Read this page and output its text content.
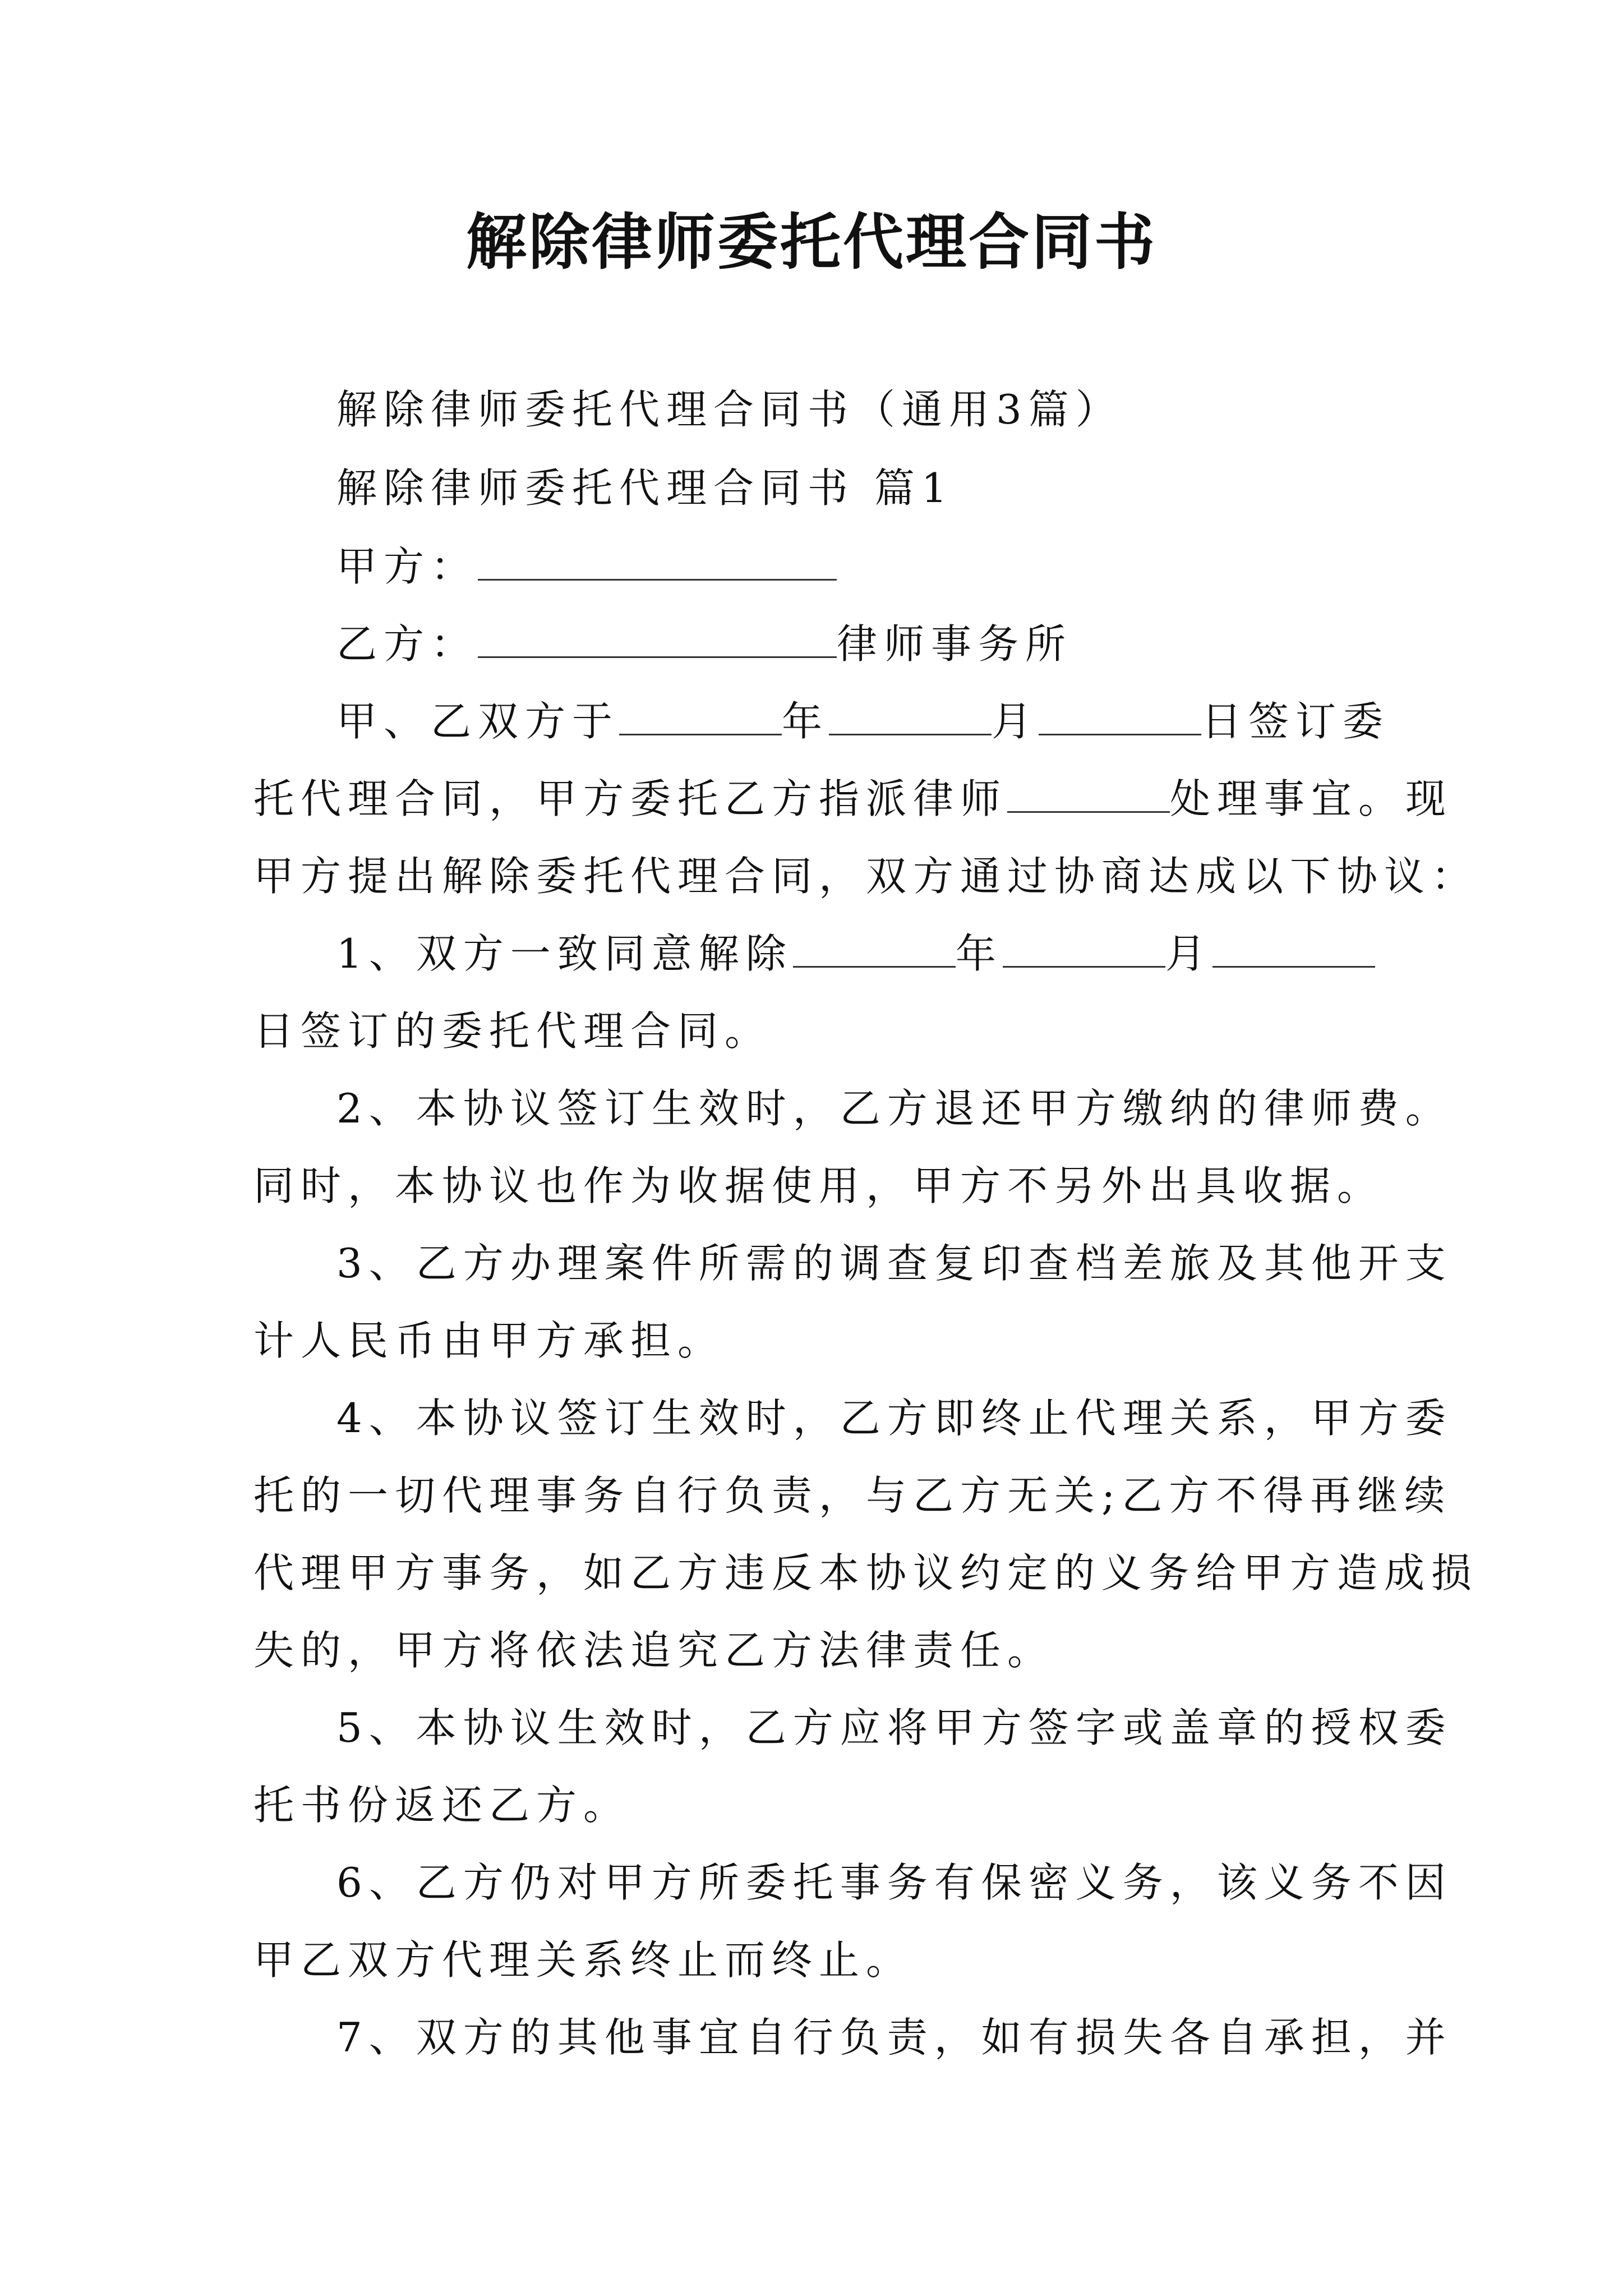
解除律师委托代理合同书
解除律师委托代理合同书（通用3篇）
解除律师委托代理合同书 篇1
甲方：
乙方：	律师事务所
甲、乙双方于	年	月	日签订委
托代理合同，甲方委托乙方指派律师	处理事宜。现
甲方提出解除委托代理合同，双方通过协商达成以下协议：
1、双方一致同意解除	年	月
日签订的委托代理合同。
2、本协议签订生效时，乙方退还甲方缴纳的律师费。
同时，本协议也作为收据使用，甲方不另外出具收据。
3、乙方办理案件所需的调查复印查档差旅及其他开支
计人民币由甲方承担。
4、本协议签订生效时，乙方即终止代理关系，甲方委
托的一切代理事务自行负责，与乙方无关;乙方不得再继续
代理甲方事务，如乙方违反本协议约定的义务给甲方造成损
失的，甲方将依法追究乙方法律责任。
5、本协议生效时，乙方应将甲方签字或盖章的授权委
托书份返还乙方。
6、乙方仍对甲方所委托事务有保密义务，该义务不因
甲乙双方代理关系终止而终止。
7、双方的其他事宜自行负责，如有损失各自承担，并
